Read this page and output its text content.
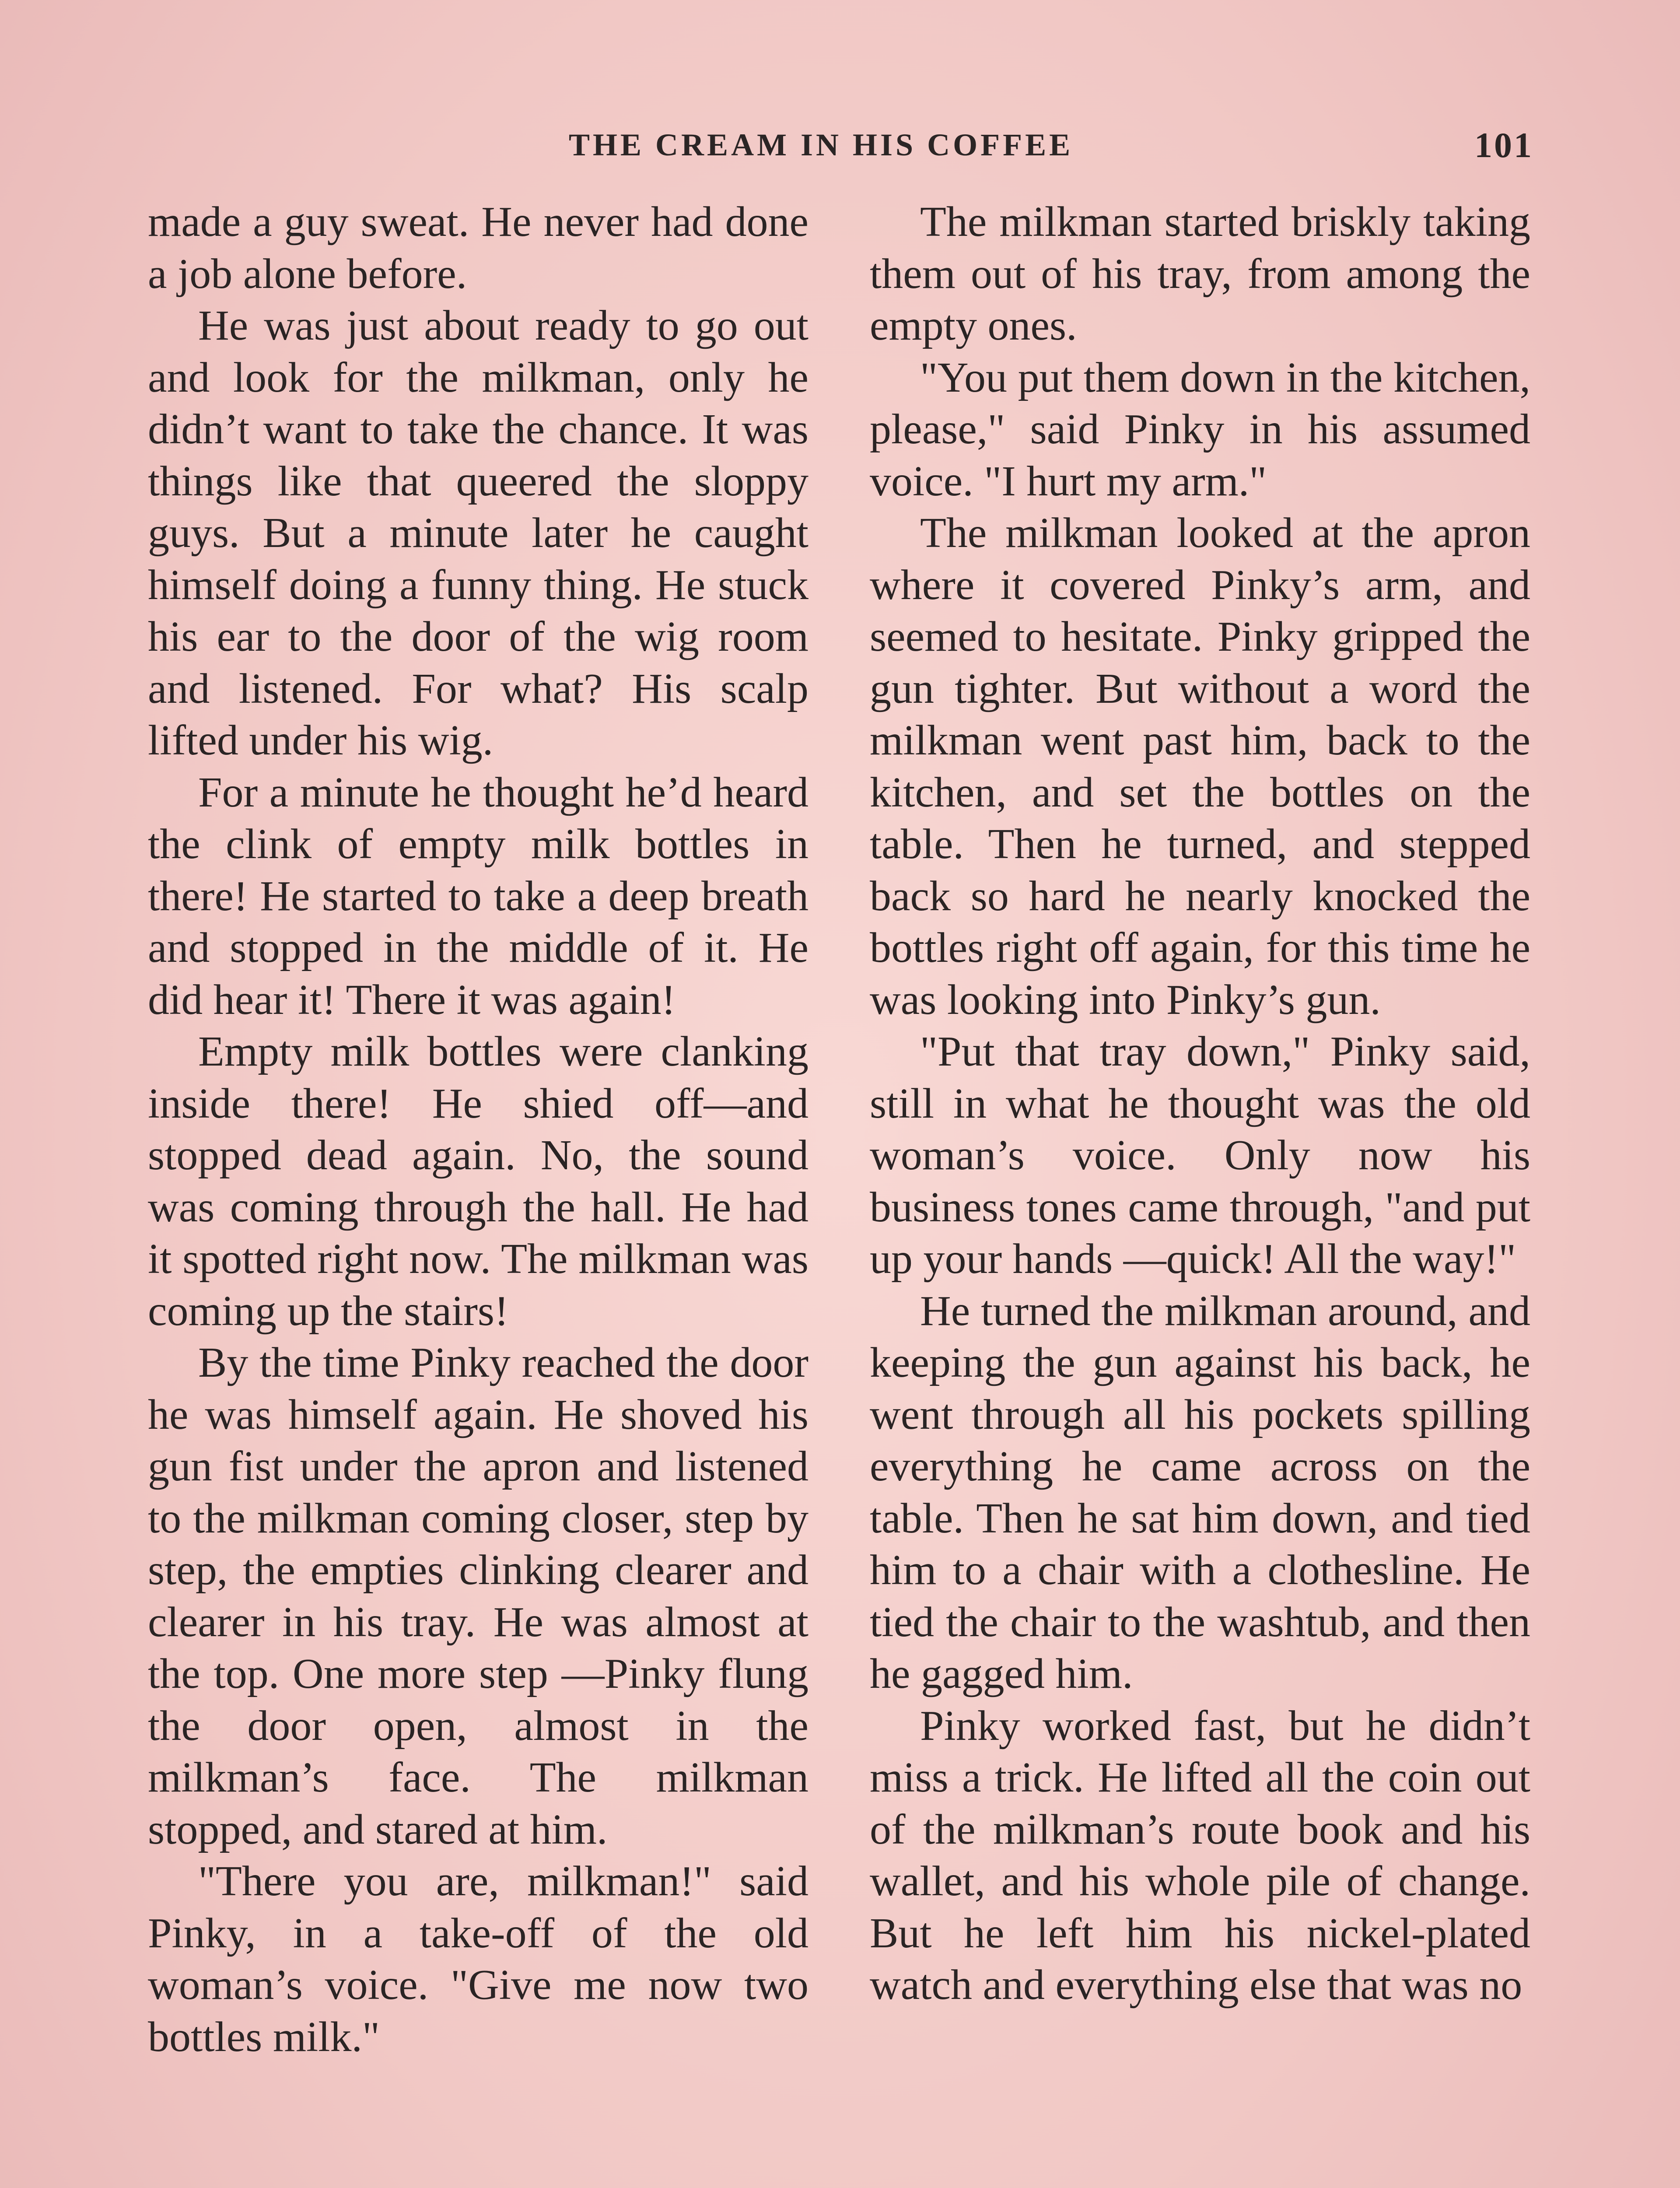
THE CREAM IN HIS COFFEE	101

made a guy sweat. He never had done a job alone before.

He was just about ready to go out and look for the milkman, only he didn’t want to take the chance. It was things like that queered the sloppy guys. But a minute later he caught himself doing a funny thing. He stuck his ear to the door of the wig room and listened. For what? His scalp lifted under his wig.

For a minute he thought he’d heard the clink of empty milk bottles in there! He started to take a deep breath and stopped in the middle of it. He did hear it! There it was again!

Empty milk bottles were clanking inside there! He shied off—and stopped dead again. No, the sound was coming through the hall. He had it spotted right now. The milkman was coming up the stairs!

By the time Pinky reached the door he was himself again. He shoved his gun fist under the apron and listened to the milkman coming closer, step by step, the empties clinking clearer and clearer in his tray. He was almost at the top. One more step —Pinky flung the door open, almost in the milkman’s face. The milkman stopped, and stared at him.

"There you are, milkman!" said Pinky, in a take-off of the old woman’s voice. "Give me now two bottles milk."

The milkman started briskly taking them out of his tray, from among the empty ones.

"You put them down in the kitchen, please," said Pinky in his assumed voice. "I hurt my arm."

The milkman looked at the apron where it covered Pinky’s arm, and seemed to hesitate. Pinky gripped the gun tighter. But without a word the milkman went past him, back to the kitchen, and set the bottles on the table. Then he turned, and stepped back so hard he nearly knocked the bottles right off again, for this time he was looking into Pinky’s gun.

"Put that tray down," Pinky said, still in what he thought was the old woman’s voice. Only now his business tones came through, "and put up your hands —quick! All the way!"

He turned the milkman around, and keeping the gun against his back, he went through all his pockets spilling everything he came across on the table. Then he sat him down, and tied him to a chair with a clothesline. He tied the chair to the washtub, and then he gagged him.

Pinky worked fast, but he didn’t miss a trick. He lifted all the coin out of the milkman’s route book and his wallet, and his whole pile of change. But he left him his nickel-plated watch and everything else that was no
